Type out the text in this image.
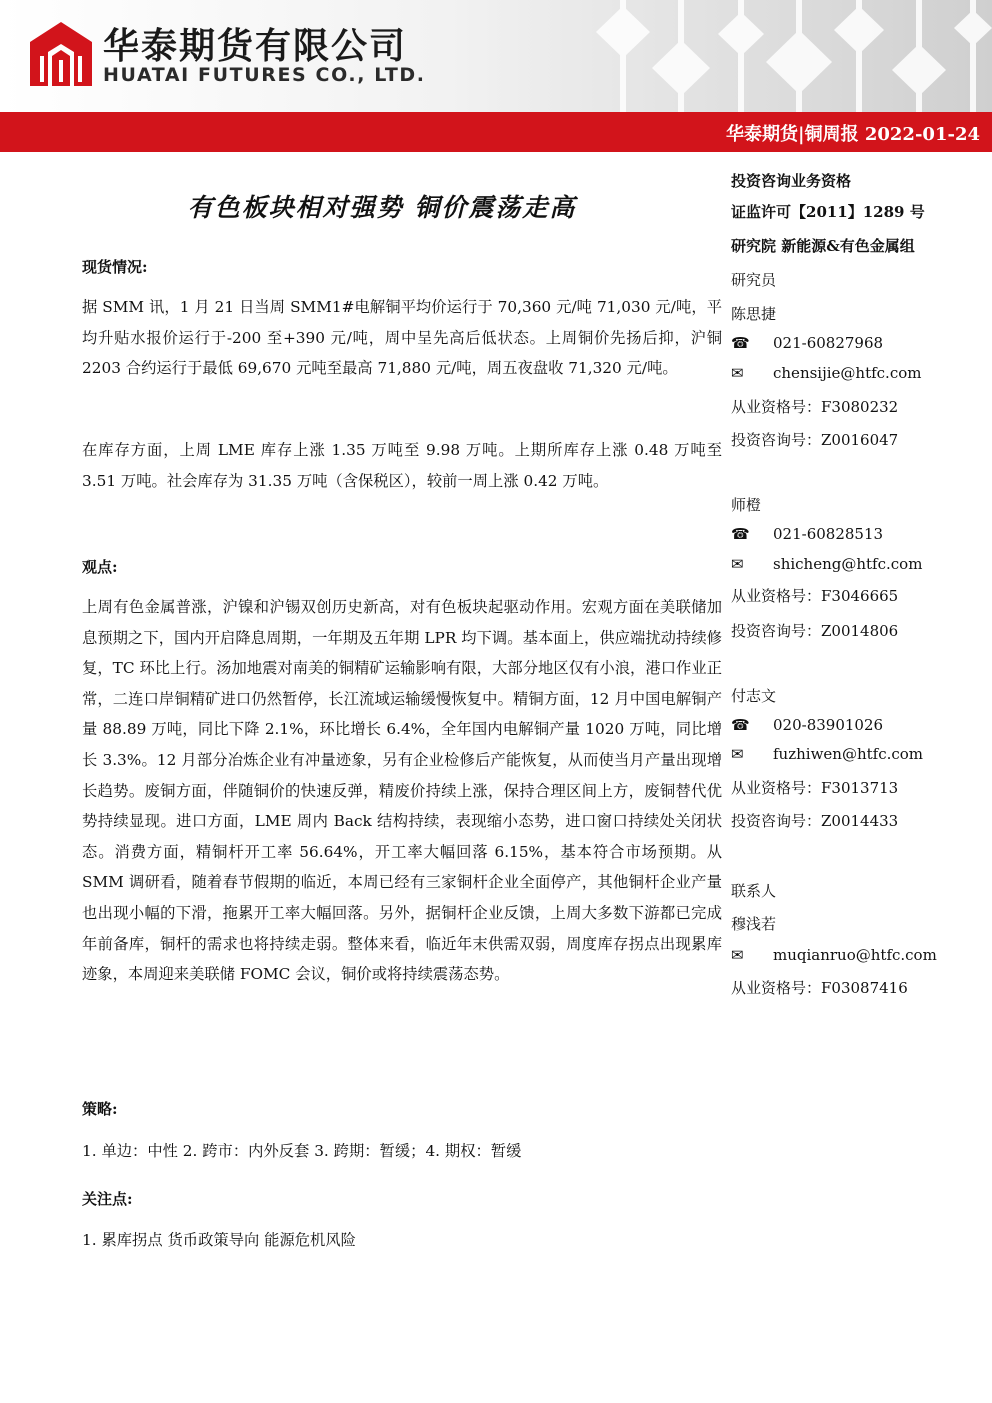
华泰期货有限公司
HUATAI FUTURES CO., LTD.
华泰期货|铜周报 2022-01-24
有色板块相对强势 铜价震荡走高
现货情况:
据 SMM 讯，1 月 21 日当周 SMM1#电解铜平均价运行于 70,360 元/吨 71,030 元/吨，平均升贴水报价运行于-200 至+390 元/吨，周中呈先高后低状态。上周铜价先扬后抑，沪铜 2203 合约运行于最低 69,670 元吨至最高 71,880 元/吨，周五夜盘收 71,320 元/吨。
在库存方面，上周 LME 库存上涨 1.35 万吨至 9.98 万吨。上期所库存上涨 0.48 万吨至 3.51 万吨。社会库存为 31.35 万吨（含保税区），较前一周上涨 0.42 万吨。
观点:
上周有色金属普涨，沪镍和沪锡双创历史新高，对有色板块起驱动作用。宏观方面在美联储加息预期之下，国内开启降息周期，一年期及五年期 LPR 均下调。基本面上，供应端扰动持续修复，TC 环比上行。汤加地震对南美的铜精矿运输影响有限，大部分地区仅有小浪，港口作业正常，二连口岸铜精矿进口仍然暂停，长江流域运输缓慢恢复中。精铜方面，12 月中国电解铜产量 88.89 万吨，同比下降 2.1%，环比增长 6.4%，全年国内电解铜产量 1020 万吨，同比增长 3.3%。12 月部分冶炼企业有冲量迹象，另有企业检修后产能恢复，从而使当月产量出现增长趋势。废铜方面，伴随铜价的快速反弹，精废价持续上涨，保持合理区间上方，废铜替代优势持续显现。进口方面，LME 周内 Back 结构持续，表现缩小态势，进口窗口持续处关闭状态。消费方面，精铜杆开工率 56.64%，开工率大幅回落 6.15%，基本符合市场预期。从 SMM 调研看，随着春节假期的临近，本周已经有三家铜杆企业全面停产，其他铜杆企业产量也出现小幅的下滑，拖累开工率大幅回落。另外，据铜杆企业反馈，上周大多数下游都已完成年前备库，铜杆的需求也将持续走弱。整体来看，临近年末供需双弱，周度库存拐点出现累库迹象，本周迎来美联储 FOMC 会议，铜价或将持续震荡态势。
策略:
1. 单边：中性 2. 跨市：内外反套 3. 跨期：暂缓；4. 期权：暂缓
关注点:
1. 累库拐点 货币政策导向 能源危机风险
投资咨询业务资格
证监许可【2011】1289 号
研究院 新能源&有色金属组
研究员
陈思捷
☎ 021-60827968
✉ chensijie@htfc.com
从业资格号：F3080232
投资咨询号：Z0016047
师橙
☎ 021-60828513
✉ shicheng@htfc.com
从业资格号：F3046665
投资咨询号：Z0014806
付志文
☎ 020-83901026
✉ fuzhiwen@htfc.com
从业资格号：F3013713
投资咨询号：Z0014433
联系人
穆浅若
✉ muqianruo@htfc.com
从业资格号：F03087416
